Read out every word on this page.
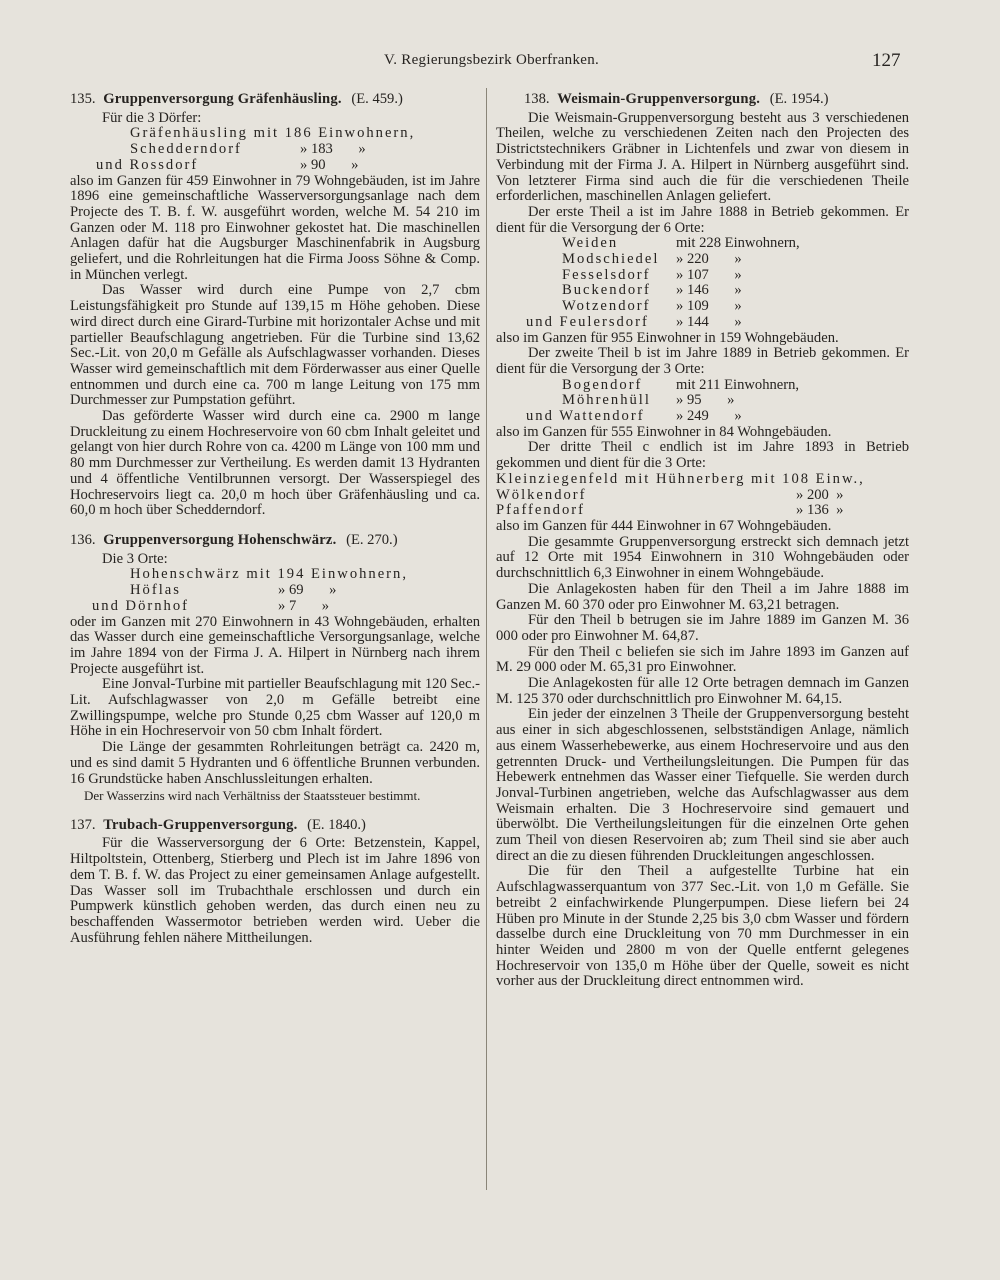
V. Regierungsbezirk Oberfranken.	127
135. Gruppenversorgung Gräfenhäusling. (E. 459.)

Für die 3 Dörfer:

Gräfenhäusling mit 186 Einwohnern,

Schedderndorf	» 183       »

und Rossdorf	» 90       »

also im Ganzen für 459 Einwohner in 79 Wohngebäuden, ist im Jahre 1896 eine gemeinschaftliche Wasserversorgungsanlage nach dem Projecte des T. B. f. W. ausgeführt worden, welche M. 54 210 im Ganzen oder M. 118 pro Einwohner gekostet hat. Die maschinellen Anlagen dafür hat die Augsburger Maschinenfabrik in Augsburg geliefert, und die Rohrleitungen hat die Firma Jooss Söhne & Comp. in München verlegt.

Das Wasser wird durch eine Pumpe von 2,7 cbm Leistungsfähigkeit pro Stunde auf 139,15 m Höhe gehoben. Diese wird direct durch eine Girard-Turbine mit horizontaler Achse und mit partieller Beaufschlagung angetrieben. Für die Turbine sind 13,62 Sec.-Lit. von 20,0 m Gefälle als Aufschlagwasser vorhanden. Dieses Wasser wird gemeinschaftlich mit dem Förderwasser aus einer Quelle entnommen und durch eine ca. 700 m lange Leitung von 175 mm Durchmesser zur Pumpstation geführt.

Das geförderte Wasser wird durch eine ca. 2900 m lange Druckleitung zu einem Hochreservoire von 60 cbm Inhalt geleitet und gelangt von hier durch Rohre von ca. 4200 m Länge von 100 mm und 80 mm Durchmesser zur Vertheilung. Es werden damit 13 Hydranten und 4 öffentliche Ventilbrunnen versorgt. Der Wasserspiegel des Hochreservoirs liegt ca. 20,0 m hoch über Gräfenhäusling und ca. 60,0 m hoch über Schedderndorf.

136. Gruppenversorgung Hohenschwärz. (E. 270.)

Die 3 Orte:

Hohenschwärz mit 194 Einwohnern,

Höflas	» 69       »

und Dörnhof	» 7       »

oder im Ganzen mit 270 Einwohnern in 43 Wohngebäuden, erhalten das Wasser durch eine gemeinschaftliche Versorgungsanlage, welche im Jahre 1894 von der Firma J. A. Hilpert in Nürnberg nach ihrem Projecte ausgeführt ist.

Eine Jonval-Turbine mit partieller Beaufschlagung mit 120 Sec.-Lit. Aufschlagwasser von 2,0 m Gefälle betreibt eine Zwillingspumpe, welche pro Stunde 0,25 cbm Wasser auf 120,0 m Höhe in ein Hochreservoir von 50 cbm Inhalt fördert.

Die Länge der gesammten Rohrleitungen beträgt ca. 2420 m, und es sind damit 5 Hydranten und 6 öffentliche Brunnen verbunden. 16 Grundstücke haben Anschlussleitungen erhalten.

Der Wasserzins wird nach Verhältniss der Staatssteuer bestimmt.

137. Trubach-Gruppenversorgung. (E. 1840.)

Für die Wasserversorgung der 6 Orte: Betzenstein, Kappel, Hiltpoltstein, Ottenberg, Stierberg und Plech ist im Jahre 1896 von dem T. B. f. W. das Project zu einer gemeinsamen Anlage aufgestellt. Das Wasser soll im Trubachthale erschlossen und durch ein Pumpwerk künstlich gehoben werden, das durch einen neu zu beschaffenden Wassermotor betrieben werden wird. Ueber die Ausführung fehlen nähere Mittheilungen.

138. Weismain-Gruppenversorgung. (E. 1954.)

Die Weismain-Gruppenversorgung besteht aus 3 verschiedenen Theilen, welche zu verschiedenen Zeiten nach den Projecten des Districtstechnikers Gräbner in Lichtenfels und zwar von diesem in Verbindung mit der Firma J. A. Hilpert in Nürnberg ausgeführt sind. Von letzterer Firma sind auch die für die verschiedenen Theile erforderlichen, maschinellen Anlagen geliefert.

Der erste Theil a ist im Jahre 1888 in Betrieb gekommen. Er dient für die Versorgung der 6 Orte:

Weiden	mit 228 Einwohnern,

Modschiedel » 220       »

Fesselsdorf » 107       »

Buckendorf » 146       »

Wotzendorf » 109       »

und Feulersdorf » 144       »

also im Ganzen für 955 Einwohner in 159 Wohngebäuden.

Der zweite Theil b ist im Jahre 1889 in Betrieb gekommen. Er dient für die Versorgung der 3 Orte:

Bogendorf mit 211 Einwohnern,

Möhrenhüll » 95       »

und Wattendorf » 249       »

also im Ganzen für 555 Einwohner in 84 Wohngebäuden.

Der dritte Theil c endlich ist im Jahre 1893 in Betrieb gekommen und dient für die 3 Orte:

Kleinziegenfeld mit Hühnerberg mit 108 Einw.,

Wölkendorf	» 200  »

Pfaffendorf	» 136  »

also im Ganzen für 444 Einwohner in 67 Wohngebäuden.

Die gesammte Gruppenversorgung erstreckt sich demnach jetzt auf 12 Orte mit 1954 Einwohnern in 310 Wohngebäuden oder durchschnittlich 6,3 Einwohner in einem Wohngebäude.

Die Anlagekosten haben für den Theil a im Jahre 1888 im Ganzen M. 60 370 oder pro Einwohner M. 63,21 betragen.

Für den Theil b betrugen sie im Jahre 1889 im Ganzen M. 36 000 oder pro Einwohner M. 64,87.

Für den Theil c beliefen sie sich im Jahre 1893 im Ganzen auf M. 29 000 oder M. 65,31 pro Einwohner.

Die Anlagekosten für alle 12 Orte betragen demnach im Ganzen M. 125 370 oder durchschnittlich pro Einwohner M. 64,15.

Ein jeder der einzelnen 3 Theile der Gruppenversorgung besteht aus einer in sich abgeschlossenen, selbstständigen Anlage, nämlich aus einem Wasserhebewerke, aus einem Hochreservoire und aus den getrennten Druck- und Vertheilungsleitungen. Die Pumpen für das Hebewerk entnehmen das Wasser einer Tiefquelle. Sie werden durch Jonval-Turbinen angetrieben, welche das Aufschlagwasser aus dem Weismain erhalten. Die 3 Hochreservoire sind gemauert und überwölbt. Die Vertheilungsleitungen für die einzelnen Orte gehen zum Theil von diesen Reservoiren ab; zum Theil sind sie aber auch direct an die zu diesen führenden Druckleitungen angeschlossen.

Die für den Theil a aufgestellte Turbine hat ein Aufschlagwasserquantum von 377 Sec.-Lit. von 1,0 m Gefälle. Sie betreibt 2 einfachwirkende Plungerpumpen. Diese liefern bei 24 Hüben pro Minute in der Stunde 2,25 bis 3,0 cbm Wasser und fördern dasselbe durch eine Druckleitung von 70 mm Durchmesser in ein hinter Weiden und 2800 m von der Quelle entfernt gelegenes Hochreservoir von 135,0 m Höhe über der Quelle, soweit es nicht vorher aus der Druckleitung direct entnommen wird.
